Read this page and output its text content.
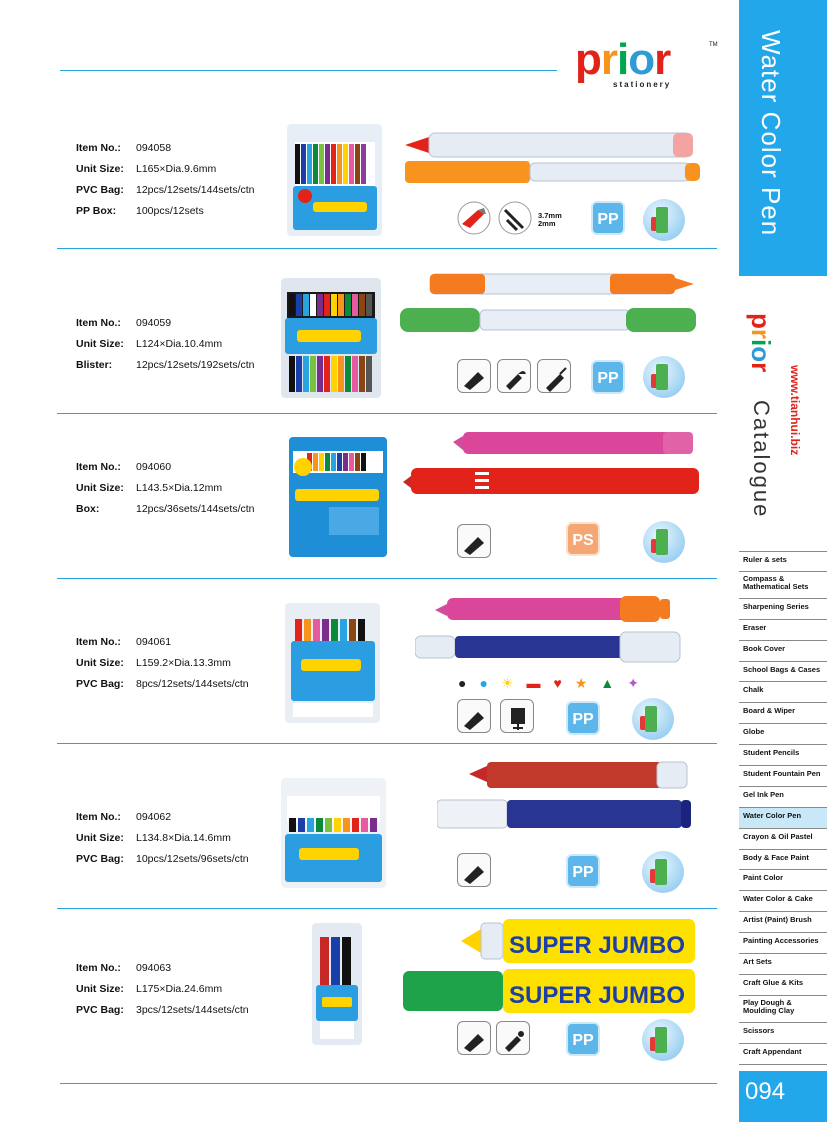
prior
stationery
TM Water Color Pen
prior www.tianhui.biz
Catalogue
Ruler & sets
Compass & Mathematical Sets
Sharpening Series
Eraser
Book Cover
School Bags & Cases
Chalk
Board & Wiper
Globe
Student Pencils
Student Fountain Pen
Gel Ink Pen
Water Color Pen
Crayon & Oil Pastel
Body & Face Paint
Paint Color
Water Color & Cake
Artist (Paint) Brush
Painting Accessories
Art Sets
Craft Glue & Kits
Play Dough & Moulding Clay
Scissors
Craft Appendant
094
Item No.:	094058
Unit Size:	L165×Dia.9.6mm
PVC Bag:	12pcs/12sets/144sets/ctn
PP Box:	100pcs/12sets	3.7mm
2mm	PP
Item No.:	094059
Unit Size:	L124×Dia.10.4mm
Blister:	12pcs/12sets/192sets/ctn
PP
Item No.:	094060
Unit Size:	L143.5×Dia.12mm
Box:	12pcs/36sets/144sets/ctn
PS
Item No.:	094061
Unit Size:	L159.2×Dia.13.3mm
PVC Bag:	8pcs/12sets/144sets/ctn	● ● ☀ ▬ ♥ ★ ▲ ✦
PP
Item No.:	094062
Unit Size:	L134.8×Dia.14.6mm
PVC Bag:	10pcs/12sets/96sets/ctn
PP
Item No.:	094063
Unit Size:	L175×Dia.24.6mm
PVC Bag:	3pcs/12sets/144sets/ctn
SUPER JUMBO
SUPER JUMBO
PP
